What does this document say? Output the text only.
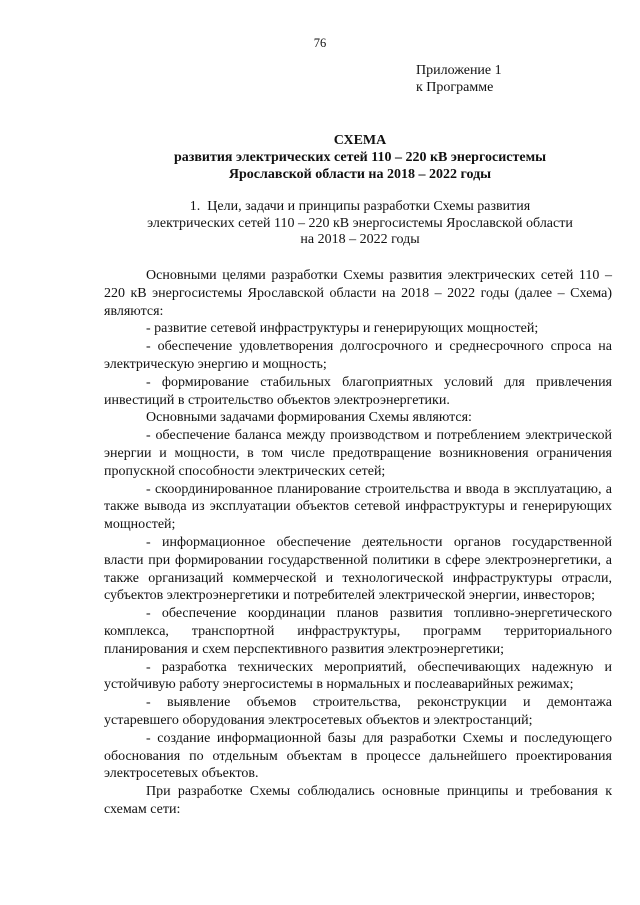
76
Приложение 1
к Программе
СХЕМА
развития электрических сетей 110 – 220 кВ энергосистемы
Ярославской области на 2018 – 2022 годы
1.  Цели, задачи и принципы разработки Схемы развития
электрических сетей 110 – 220 кВ энергосистемы Ярославской области
на 2018 – 2022 годы

Основными целями разработки Схемы развития электрических сетей 110 – 220 кВ энергосистемы Ярославской области на 2018 – 2022 годы (далее – Схема) являются:

- развитие сетевой инфраструктуры и генерирующих мощностей;

- обеспечение удовлетворения долгосрочного и среднесрочного спроса на электрическую энергию и мощность;

- формирование стабильных благоприятных условий для привлечения инвестиций в строительство объектов электроэнергетики.

Основными задачами формирования Схемы являются:

- обеспечение баланса между производством и потреблением электрической энергии и мощности, в том числе предотвращение возникновения ограничения пропускной способности электрических сетей;

- скоординированное планирование строительства и ввода в эксплуатацию, а также вывода из эксплуатации объектов сетевой инфраструктуры и генерирующих мощностей;

- информационное обеспечение деятельности органов государственной власти при формировании государственной политики в сфере электроэнергетики, а также организаций коммерческой и технологической инфраструктуры отрасли, субъектов электроэнергетики и потребителей электрической энергии, инвесторов;

- обеспечение координации планов развития топливно-энергетического комплекса, транспортной инфраструктуры, программ территориального планирования и схем перспективного развития электроэнергетики;

- разработка технических мероприятий, обеспечивающих надежную и устойчивую работу энергосистемы в нормальных и послеаварийных режимах;

- выявление объемов строительства, реконструкции и демонтажа устаревшего оборудования электросетевых объектов и электростанций;

- создание информационной базы для разработки Схемы и последующего обоснования по отдельным объектам в процессе дальнейшего проектирования электросетевых объектов.

При разработке Схемы соблюдались основные принципы и требования к схемам сети:
